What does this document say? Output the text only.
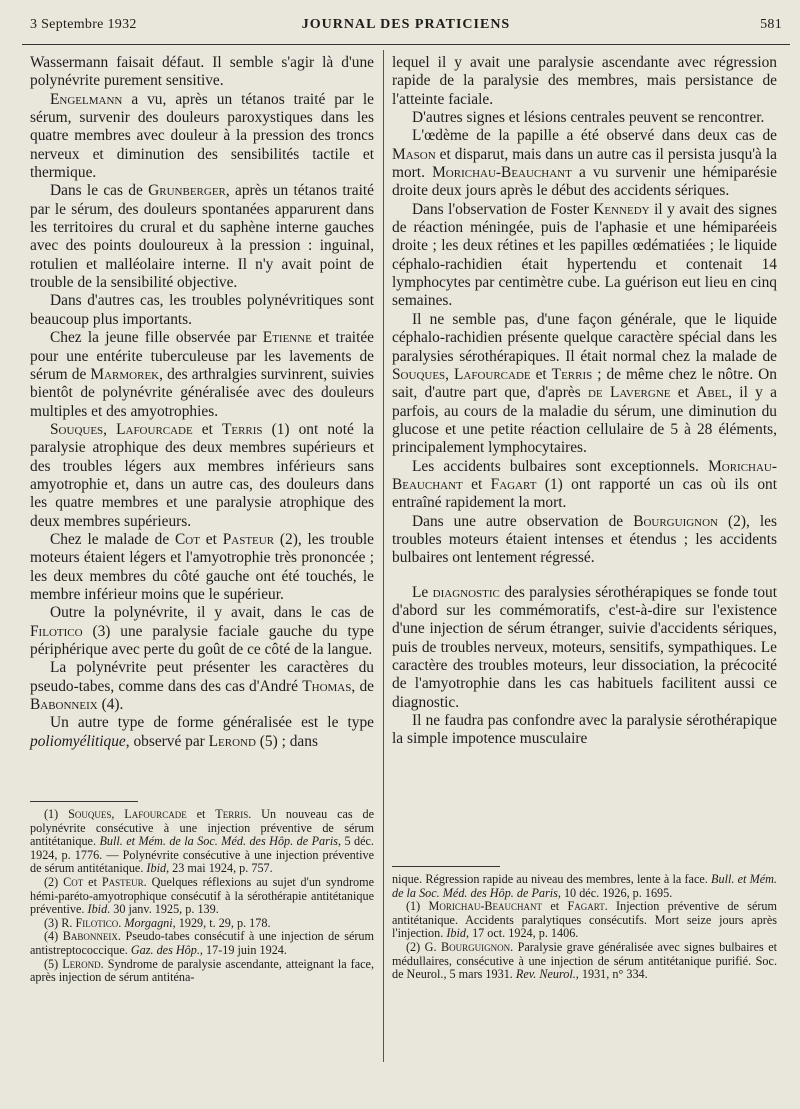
3 Septembre 1932	JOURNAL DES PRATICIENS	581

Wassermann faisait défaut. Il semble s'agir là d'une polynévrite purement sensitive.

Engelmann a vu, après un tétanos traité par le sérum, survenir des douleurs paroxystiques dans les quatre membres avec douleur à la pression des troncs nerveux et diminution des sensibilités tactile et thermique.

Dans le cas de Grunberger, après un tétanos traité par le sérum, des douleurs spontanées apparurent dans les territoires du crural et du saphène interne gauches avec des points douloureux à la pression : inguinal, rotulien et malléolaire interne. Il n'y avait point de trouble de la sensibilité objective.

Dans d'autres cas, les troubles polynévritiques sont beaucoup plus importants.

Chez la jeune fille observée par Etienne et traitée pour une entérite tuberculeuse par les lavements de sérum de Marmorek, des arthralgies survinrent, suivies bientôt de polynévrite généralisée avec des douleurs multiples et des amyotrophies.

Souques, Lafourcade et Terris (1) ont noté la paralysie atrophique des deux membres supérieurs et des troubles légers aux membres inférieurs sans amyotrophie et, dans un autre cas, des douleurs dans les quatre membres et une paralysie atrophique des deux membres supérieurs.

Chez le malade de Cot et Pasteur (2), les trouble moteurs étaient légers et l'amyotrophie très prononcée ; les deux membres du côté gauche ont été touchés, le membre inférieur moins que le supérieur.

Outre la polynévrite, il y avait, dans le cas de Filotico (3) une paralysie faciale gauche du type périphérique avec perte du goût de ce côté de la langue.

La polynévrite peut présenter les caractères du pseudo-tabes, comme dans des cas d'André Thomas, de Babonneix (4).

Un autre type de forme généralisée est le type poliomyélitique, observé par Lerond (5) ; dans

lequel il y avait une paralysie ascendante avec régression rapide de la paralysie des membres, mais persistance de l'atteinte faciale.

D'autres signes et lésions centrales peuvent se rencontrer.

L'œdème de la papille a été observé dans deux cas de Mason et disparut, mais dans un autre cas il persista jusqu'à la mort. Morichau-Beauchant a vu survenir une hémiparésie droite deux jours après le début des accidents sériques.

Dans l'observation de Foster Kennedy il y avait des signes de réaction méningée, puis de l'aphasie et une hémiparéeis droite ; les deux rétines et les papilles œdématiées ; le liquide céphalo-rachidien était hypertendu et contenait 14 lymphocytes par centimètre cube. La guérison eut lieu en cinq semaines.

Il ne semble pas, d'une façon générale, que le liquide céphalo-rachidien présente quelque caractère spécial dans les paralysies sérothérapiques. Il était normal chez la malade de Souques, Lafourcade et Terris ; de même chez le nôtre. On sait, d'autre part que, d'après de Lavergne et Abel, il y a parfois, au cours de la maladie du sérum, une diminution du glucose et une petite réaction cellulaire de 5 à 28 éléments, principalement lymphocytaires.

Les accidents bulbaires sont exceptionnels. Morichau-Beauchant et Fagart (1) ont rapporté un cas où ils ont entraîné rapidement la mort.

Dans une autre observation de Bourguignon (2), les troubles moteurs étaient intenses et étendus ; les accidents bulbaires ont lentement régressé.

Le diagnostic des paralysies sérothérapiques se fonde tout d'abord sur les commémoratifs, c'est-à-dire sur l'existence d'une injection de sérum étranger, suivie d'accidents sériques, puis de troubles nerveux, moteurs, sensitifs, sympathiques. Le caractère des troubles moteurs, leur dissociation, la précocité de l'amyotrophie dans les cas habituels facilitent aussi ce diagnostic.

Il ne faudra pas confondre avec la paralysie sérothérapique la simple impotence musculaire

(1) Souques, Lafourcade et Terris. Un nouveau cas de polynévrite consécutive à une injection préventive de sérum antitétanique. Bull. et Mém. de la Soc. Méd. des Hôp. de Paris, 5 déc. 1924, p. 1776. — Polynévrite consécutive à une injection préventive de sérum antitétanique. Ibid, 23 mai 1924, p. 757.

(2) Cot et Pasteur. Quelques réflexions au sujet d'un syndrome hémi-paréto-amyotrophique consécutif à la sérothérapie antitétanique préventive. Ibid. 30 janv. 1925, p. 139.

(3) R. Filotico. Morgagni, 1929, t. 29, p. 178.

(4) Babonneix. Pseudo-tabes consécutif à une injection de sérum antistreptococcique. Gaz. des Hôp., 17-19 juin 1924.

(5) Lerond. Syndrome de paralysie ascendante, atteignant la face, après injection de sérum antiténa-

nique. Régression rapide au niveau des membres, lente à la face. Bull. et Mém. de la Soc. Méd. des Hôp. de Paris, 10 déc. 1926, p. 1695.

(1) Morichau-Beauchant et Fagart. Injection préventive de sérum antitétanique. Accidents paralytiques consécutifs. Mort seize jours après l'injection. Ibid, 17 oct. 1924, p. 1406.

(2) G. Bourguignon. Paralysie grave généralisée avec signes bulbaires et médullaires, consécutive à une injection de sérum antitétanique purifié. Soc. de Neurol., 5 mars 1931. Rev. Neurol., 1931, n° 334.
